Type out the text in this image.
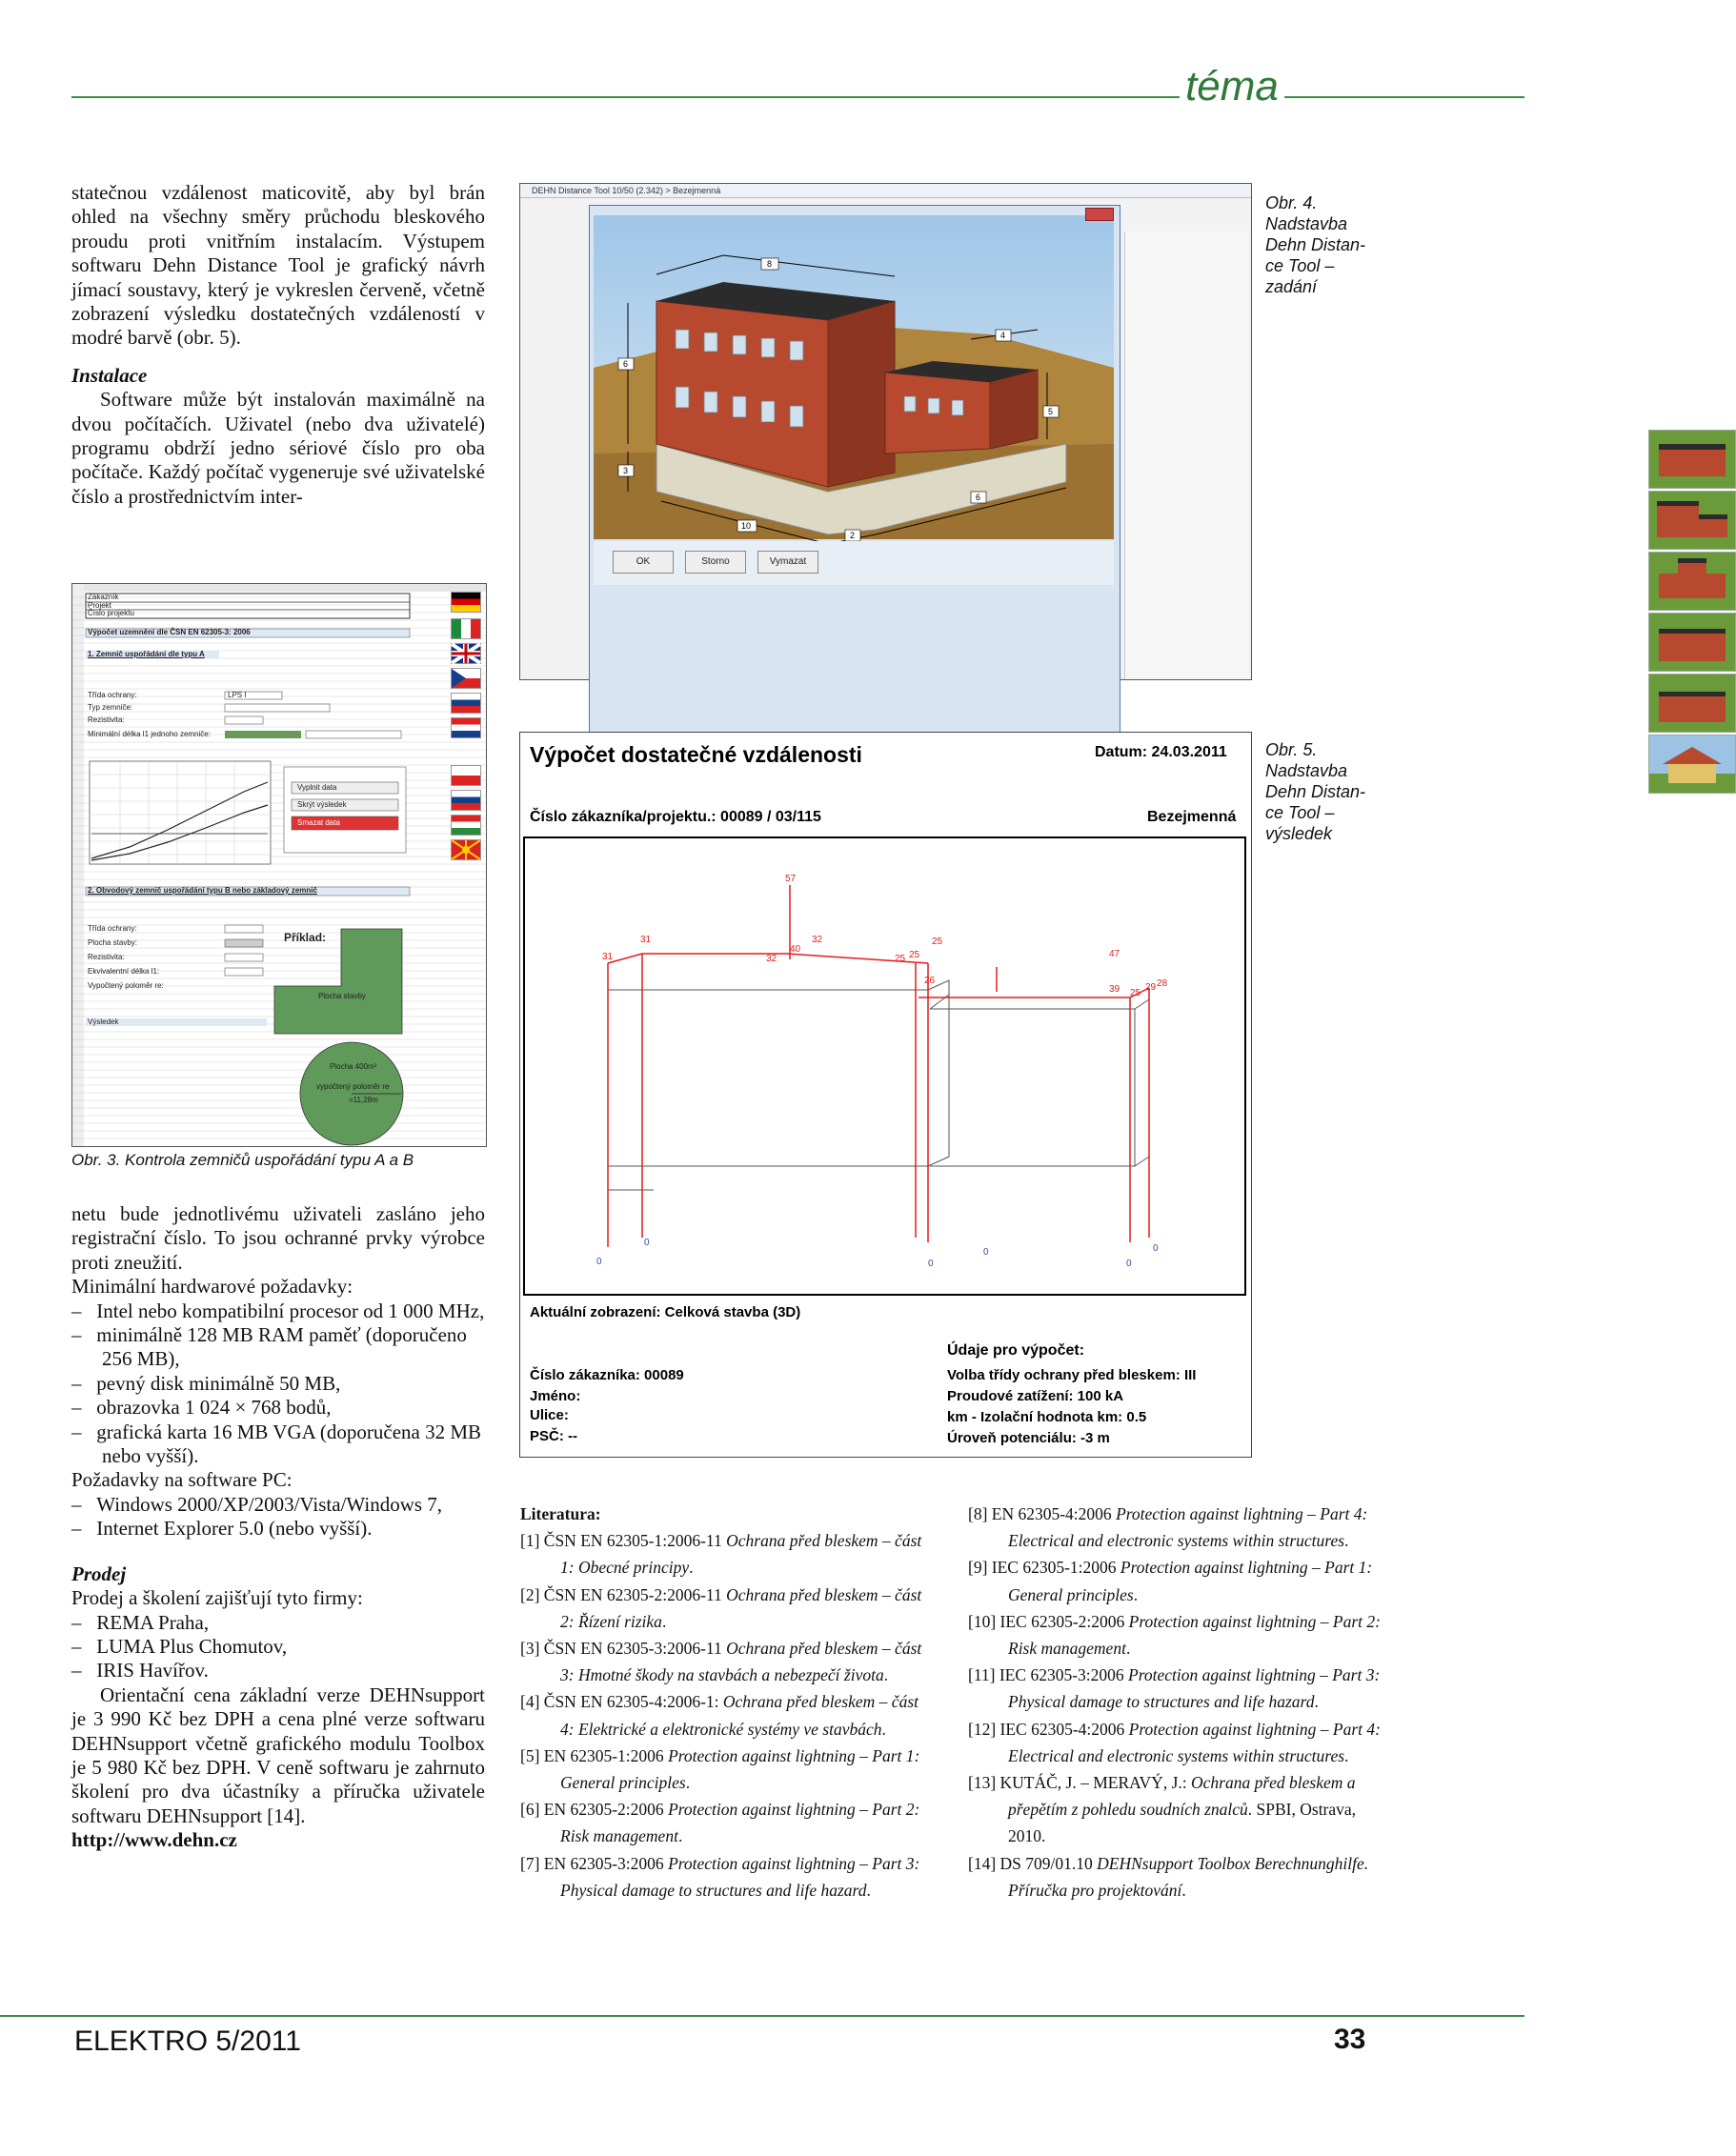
téma

statečnou vzdálenost maticovitě, aby byl brán ohled na všechny směry průchodu bleskového proudu proti vnitřním instalacím. Výstupem softwaru Dehn Distance Tool je grafický návrh jímací soustavy, který je vykreslen červeně, včetně zobrazení výsledku dostatečných vzdáleností v modré barvě (obr. 5).

Instalace

Software může být instalován maximálně na dvou počítačích. Uživatel (nebo dva uživatelé) programu obdrží jedno sériové číslo pro oba počítače. Každý počítač vygeneruje své uživatelské číslo a prostřednictvím inter-

Zákazník
Projekt
Číslo projektu
Výpočet uzemnění dle ČSN EN 62305-3: 2006
1. Zemnič uspořádání dle typu A
Třída ochrany:	LPS I
Typ zemniče:
Rezistivita:
Minimální délka l1 jednoho zemniče:
Vyplnit data
Skrýt výsledek
Smazat data
2. Obvodový zemnič uspořádání typu B nebo základový zemnič
Třída ochrany:
Plocha stavby:
Rezistivita:
Ekvivalentní délka l1:
Vypočtený poloměr re:
Výsledek
Příklad:
Plocha stavby
Plocha 400m²
vypočtený poloměr re
=11,28m
Obr. 3. Kontrola zemničů uspořádání typu A a B

netu bude jednotlivému uživateli zasláno jeho registrační číslo. To jsou ochranné prvky výrobce proti zneužití.

Minimální hardwarové požadavky:

–   Intel nebo kompatibilní procesor od 1 000 MHz,

–   minimálně 128 MB RAM paměť (doporučeno 256 MB),

–   pevný disk minimálně 50 MB,

–   obrazovka 1 024 × 768 bodů,

–   grafická karta 16 MB VGA (doporučena 32 MB nebo vyšší).

Požadavky na software PC:

–   Windows 2000/XP/2003/Vista/Windows 7,

–   Internet Explorer 5.0 (nebo vyšší).

Prodej

Prodej a školení zajišťují tyto firmy:

–   REMA Praha,

–   LUMA Plus Chomutov,

–   IRIS Havířov.

Orientační cena základní verze DEHNsupport je 3 990 Kč bez DPH a cena plné verze softwaru DEHNsupport včetně grafického modulu Toolbox je 5 980 Kč bez DPH. V ceně softwaru je zahrnuto školení pro dva účastníky a příručka uživatele softwaru DEHNsupport [14].

http://www.dehn.cz

DEHN Distance Tool 10/50 (2.342) > Bezejmenná
8
4
6
5
3
10
2
6
OK	Storno	Vymazat
Obr. 4.
Nadstavba
Dehn Distan-
ce Tool –
zadání
Výpočet dostatečné vzdálenosti	Datum: 24.03.2011
Číslo zákazníka/projektu.: 00089 / 03/115	Bezejmenná
57
31
31	32
40
32	25 25
25
26
47
39	29
25
28
0
0
0
0
0
0
Aktuální zobrazení: Celková stavba (3D)
Číslo zákazníka: 00089
Jméno:
Ulice:
PSČ: --
Údaje pro výpočet:
Volba třídy ochrany před bleskem: III
Proudové zatížení: 100 kA
km - Izolační hodnota km: 0.5
Úroveň potenciálu: -3 m
Obr. 5.
Nadstavba
Dehn Distan-
ce Tool –
výsledek

Literatura:

[1] ČSN EN 62305-1:2006-11 Ochrana před bleskem – část 1: Obecné principy.

[2] ČSN EN 62305-2:2006-11 Ochrana před bleskem – část 2: Řízení rizika.

[3] ČSN EN 62305-3:2006-11 Ochrana před bleskem – část 3: Hmotné škody na stavbách a nebezpečí života.

[4] ČSN EN 62305-4:2006-1: Ochrana před bleskem – část 4: Elektrické a elektronické systémy ve stavbách.

[5] EN 62305-1:2006 Protection against lightning – Part 1: General principles.

[6] EN 62305-2:2006 Protection against lightning – Part 2: Risk management.

[7] EN 62305-3:2006 Protection against lightning – Part 3: Physical damage to structures and life hazard.

[8] EN 62305-4:2006 Protection against lightning – Part 4: Electrical and electronic systems within structures.

[9] IEC 62305-1:2006 Protection against lightning – Part 1: General principles.

[10] IEC 62305-2:2006 Protection against lightning – Part 2: Risk management.

[11] IEC 62305-3:2006 Protection against lightning – Part 3: Physical damage to structures and life hazard.

[12] IEC 62305-4:2006 Protection against lightning – Part 4: Electrical and electronic systems within structures.

[13] KUTÁČ, J. – MERAVÝ, J.: Ochrana před bleskem a přepětím z pohledu soudních znalců. SPBI, Ostrava, 2010.

[14] DS 709/01.10 DEHNsupport Toolbox Berechnunghilfe. Příručka pro projektování.

ELEKTRO 5/2011	33
